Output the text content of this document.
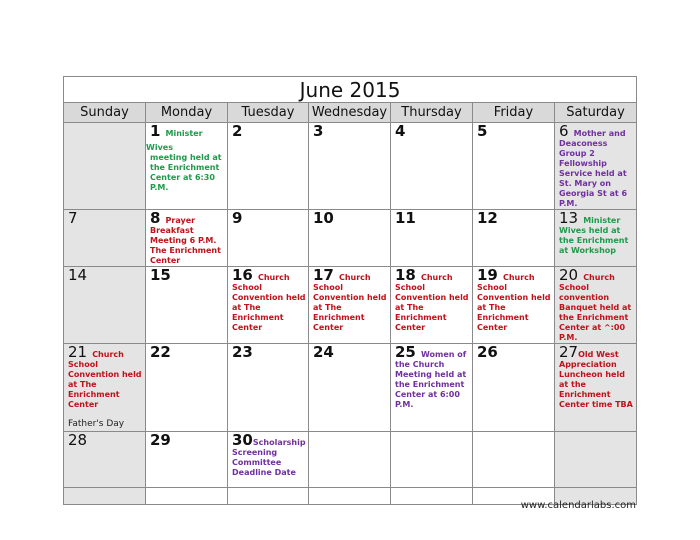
June 2015						
Sunday	Monday	Tuesday	Wednesday	Thursday	Friday	Saturday

	1 Minister Wives
meeting held at the Enrichment Center at 6:30 P.M.	2	3	4	5	6 Mother and
Deaconess Group 2 Fellowship Service held at St. Mary on Georgia St at 6 P.M.

7	8 Prayer
Breakfast Meeting 6 P.M. The Enrichment Center	9	10	11	12	13 Minister
Wives held at the Enrichment at Workshop

14	15	16 Church
School Convention held at The Enrichment Center	17 Church
School Convention held at The Enrichment Center	18 Church
School Convention held at The Enrichment Center	19 Church
School Convention held at The Enrichment Center	20 Church
School convention Banquet held at the Enrichment Center at ^:00 P.M.

21 Church
School Convention held at The Enrichment Center
Father's Day	22	23	24	25 Women of
the Church Meeting held at the Enrichment Center at 6:00 P.M.	26	27Old West
Appreciation Luncheon held at the Enrichment Center time TBA

28	29	30Scholarship
Screening Committee Deadline Date				

www.calendarlabs.com
